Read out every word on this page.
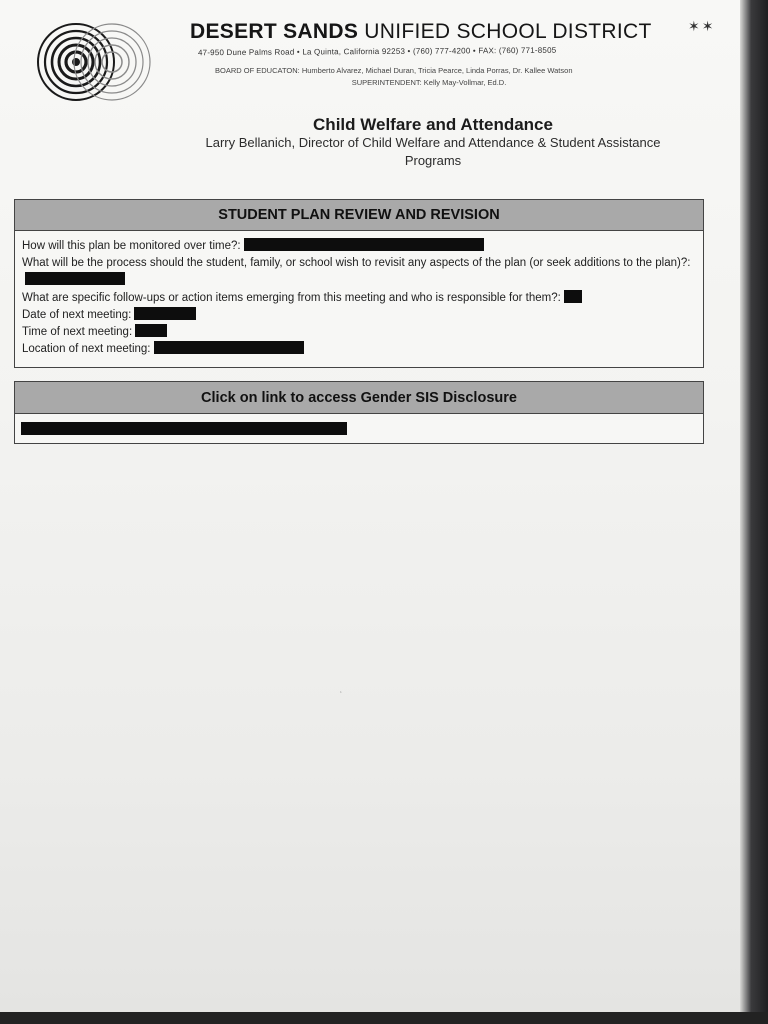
DESERT SANDS UNIFIED SCHOOL DISTRICT	✶✶
47-950 Dune Palms Road • La Quinta, California 92253 • (760) 777-4200 • FAX: (760) 771-8505
BOARD OF EDUCATON: Humberto Alvarez, Michael Duran, Tricia Pearce, Linda Porras, Dr. Kallee Watson
SUPERINTENDENT: Kelly May-Vollmar, Ed.D.
Child Welfare and Attendance
Larry Bellanich, Director of Child Welfare and Attendance & Student Assistance Programs
STUDENT PLAN REVIEW AND REVISION
How will this plan be monitored over time?:
What will be the process should the student, family, or school wish to revisit any aspects of the plan (or seek additions to the plan)?:
What are specific follow-ups or action items emerging from this meeting and who is responsible for them?:
Date of next meeting:
Time of next meeting:
Location of next meeting:
Click on link to access Gender SIS Disclosure
‘
